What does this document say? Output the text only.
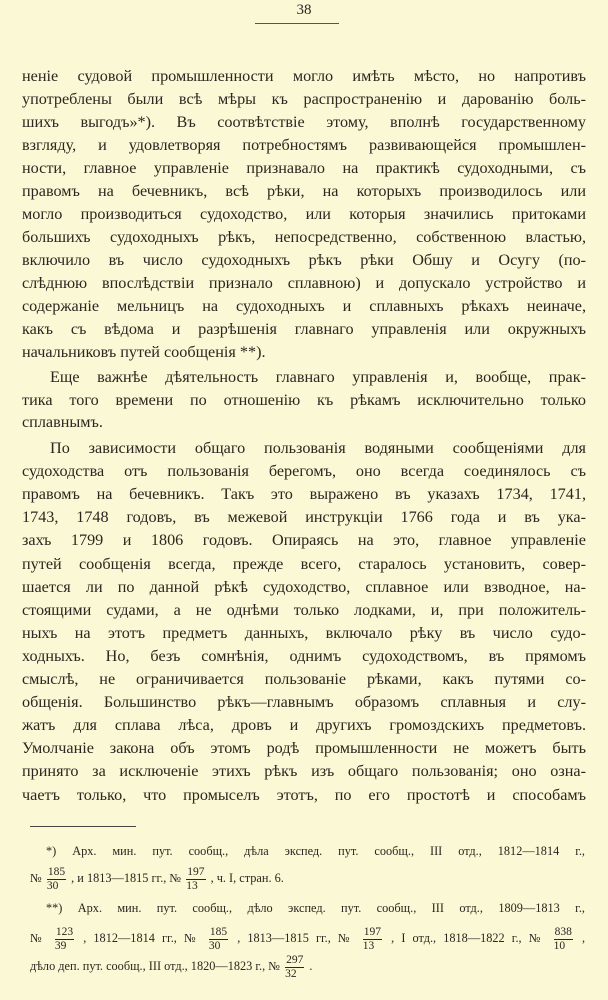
38
неніе судовой промышленности могло имѣть мѣсто, но напротивъ
употреблены были всѣ мѣры къ распространенію и дарованію боль-
шихъ выгодъ»*). Въ соотвѣтствіе этому, вполнѣ государственному
взгляду, и удовлетворяя потребностямъ развивающейся промышлен-
ности, главное управленіе признавало на практикѣ судоходными, съ
правомъ на бечевникъ, всѣ рѣки, на которыхъ производилось или
могло производиться судоходство, или которыя значились притоками
большихъ судоходныхъ рѣкъ, непосредственно, собственною властью,
включило въ число судоходныхъ рѣкъ рѣки Обшу и Осугу (по-
слѣднюю впослѣдствіи признало сплавною) и допускало устройство и
содержаніе мельницъ на судоходныхъ и сплавныхъ рѣкахъ неиначе,
какъ съ вѣдома и разрѣшенія главнаго управленія или окружныхъ
начальниковъ путей сообщенія **).
Еще важнѣе дѣятельность главнаго управленія и, вообще, прак-
тика того времени по отношенію къ рѣкамъ исключительно только
сплавнымъ.
По зависимости общаго пользованія водяными сообщеніями для
судоходства отъ пользованія берегомъ, оно всегда соединялось съ
правомъ на бечевникъ. Такъ это выражено въ указахъ 1734, 1741,
1743, 1748 годовъ, въ межевой инструкціи 1766 года и въ ука-
захъ 1799 и 1806 годовъ. Опираясь на это, главное управленіе
путей сообщенія всегда, прежде всего, старалось установить, совер-
шается ли по данной рѣкѣ судоходство, сплавное или взводное, на-
стоящими судами, а не однѣми только лодками, и, при положитель-
ныхъ на этотъ предметъ данныхъ, включало рѣку въ число судо-
ходныхъ. Но, безъ сомнѣнія, однимъ судоходствомъ, въ прямомъ
смыслѣ, не ограничивается пользованіе рѣками, какъ путями со-
общенія. Большинство рѣкъ—главнымъ образомъ сплавныя и слу-
жатъ для сплава лѣса, дровъ и другихъ громоздскихъ предметовъ.
Умолчаніе закона объ этомъ родѣ промышленности не можетъ быть
принято за исключеніе этихъ рѣкъ изъ общаго пользованія; оно озна-
чаетъ только, что промыселъ этотъ, по его простотѣ и способамъ
*) Арх. мин. пут. сообщ., дѣла экспед. пут. сообщ., III отд., 1812—1814 г.,
№ $\frac{185}{30}$ , и 1813—1815 гг., № $\frac{197}{13}$ , ч. I, стран. 6.
**) Арх. мин. пут. сообщ., дѣло экспед. пут. сообщ., III отд., 1809—1813 г.,
№ $\frac{123}{39}$ , 1812—1814 гг., № $\frac{185}{30}$ , 1813—1815 гг., № $\frac{197}{13}$ , I отд., 1818—1822 г., № $\frac{838}{10}$ ,
дѣло деп. пут. сообщ., III отд., 1820—1823 г., № $\frac{297}{32}$ .
